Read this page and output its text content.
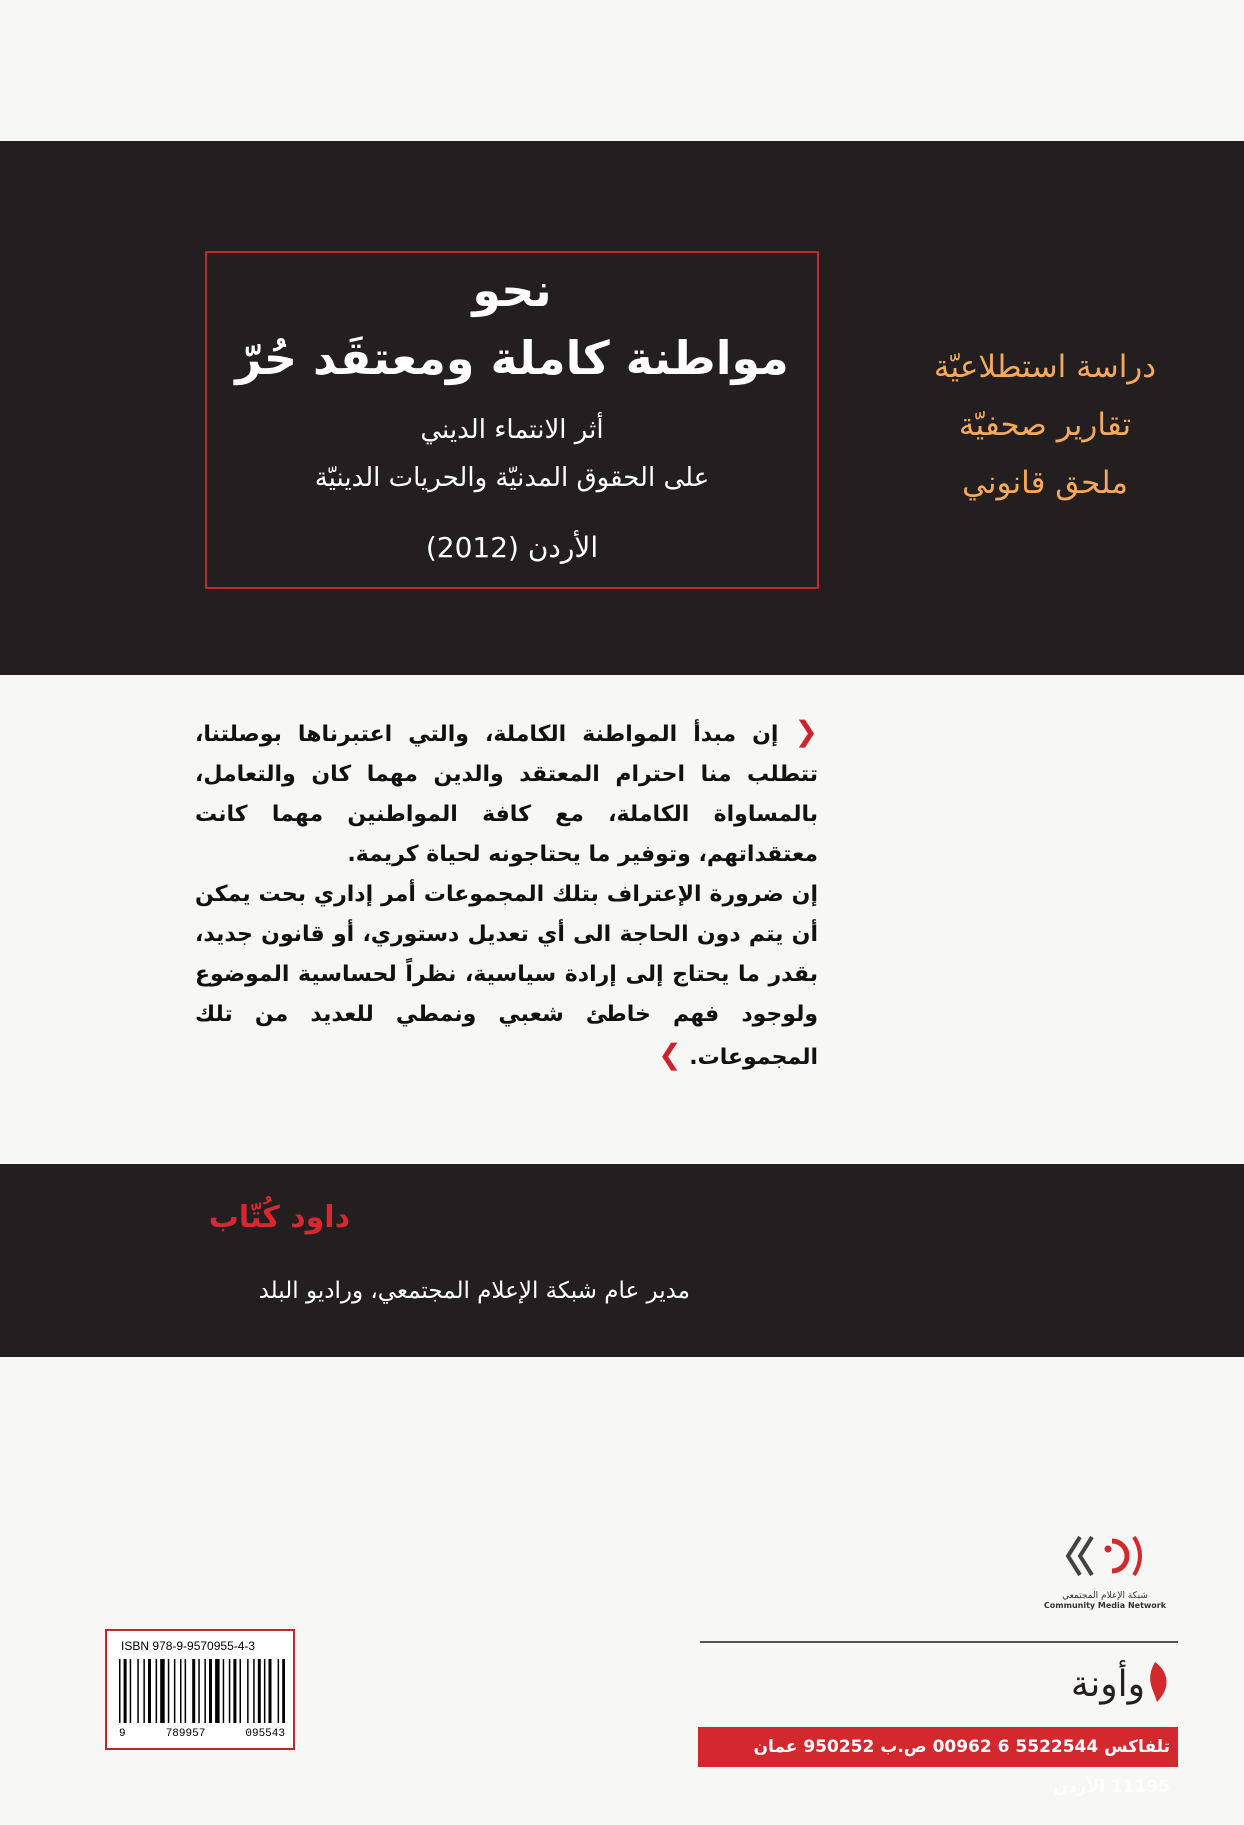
نحو
مواطنة كاملة ومعتقَد حُرّ
أثر الانتماء الديني
على الحقوق المدنيّة والحريات الدينيّة
الأردن (2012)
دراسة استطلاعيّة
تقارير صحفيّة
ملحق قانوني
❮ إن مبدأ المواطنة الكاملة، والتي اعتبرناها بوصلتنا، تتطلب منا احترام المعتقد والدين مهما كان والتعامل، بالمساواة الكاملة، مع كافة المواطنين مهما كانت معتقداتهم، وتوفير ما يحتاجونه لحياة كريمة.
إن ضرورة الإعتراف بتلك المجموعات أمر إداري بحت يمكن أن يتم دون الحاجة الى أي تعديل دستوري، أو قانون جديد، بقدر ما يحتاج إلى إرادة سياسية، نظراً لحساسية الموضوع ولوجود فهم خاطئ شعبي ونمطي للعديد من تلك المجموعات. ❯
داود كُتّاب
مدير عام شبكة الإعلام المجتمعي، وراديو البلد
ISBN 978-9-9570955-4-3
9	789957	095543
شبكة الإعلام المجتمعي
Community Media Network
وأونة
تلفاكس 5522544 6 00962 ص.ب 950252 عمان 11195 الأردن
